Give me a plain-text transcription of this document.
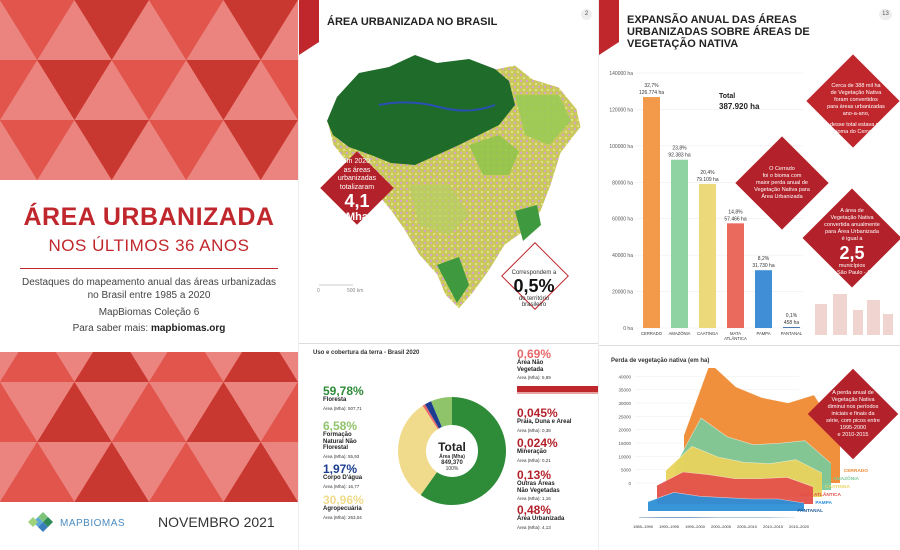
ÁREA URBANIZADA
NOS ÚLTIMOS 36 ANOS
Destaques do mapeamento anual das áreas urbanizadas
no Brasil entre 1985 a 2020
MapBiomas Coleção 6
Para saber mais: mapbiomas.org
MAPBIOMAS NOVEMBRO 2021
ÁREA URBANIZADA NO BRASIL
2
0	500 km
Em 2020,
as áreas
urbanizadas
totalizaram
4,1
Mha
Correspondem a
0,5%
do território
brasileiro
Uso e cobertura da terra - Brasil 2020
Total
Área (Mha)
849,370
100%
59,78%
Floresta
Área (Mha): 507,71
6,58%
Formação
Natural Não
Florestal
Área (Mha): 55,93
1,97%
Corpo D'água
Área (Mha): 16,77
30,96%
Agropecuária
Área (Mha): 263,04
0,69%
Área Não
Vegetada
Área (Mha): 5,89
0,045%
Praia, Duna e Areal
Área (Mha): 0,38
0,024%
Mineração
Área (Mha): 0,21
0,13%
Outras Áreas
Não Vegetadas
Área (Mha): 1,16
0,48%
Área Urbanizada
Área (Mha): 4,13
EXPANSÃO ANUAL DAS ÁREAS
URBANIZADAS SOBRE ÁREAS DE
VEGETAÇÃO NATIVA
13
0 ha
20000 ha
40000 ha
60000 ha
80000 ha
100000 ha
120000 ha
140000 ha
32,7%
126.774 ha
CERRADO
23,8%
92.383 ha
AMAZÔNIA
20,4%
79.109 ha
CAATINGA
14,8%
57.466 ha
MATA
ATLÂNTICA
8,2%
31.730 ha
PAMPA
0,1%
458 ha
PANTANAL
Total
387.920 ha
Cerca de 388 mil ha
de Vegetação Nativa
foram convertidos
para áreas urbanizadas
ano-a-ano,
desse total estava no
bioma do Cerrado.
O Cerrado
foi o bioma com
maior perda anual de
Vegetação Nativa para
Área Urbanizada
A área de
Vegetação Nativa
convertida anualmente
para Área Urbanizada
é igual a
2,5
municípios
de São Paulo - SP
Perda de vegetação nativa (em ha)
0
5000
10000
15000
20000
25000
30000
35000
40000
CERRADO
AMAZÔNIA
CAATINGA
MATA ATLÂNTICA
PAMPA
PANTANAL
1985–1990 1990–1995 1995–2000 2000–2005 2005–2010 2010–2015 2015–2020
A perda anual de
Vegetação Nativa
diminui nos períodos
iniciais e finais da
série, com picos entre
1995-2000
e 2010-2015
